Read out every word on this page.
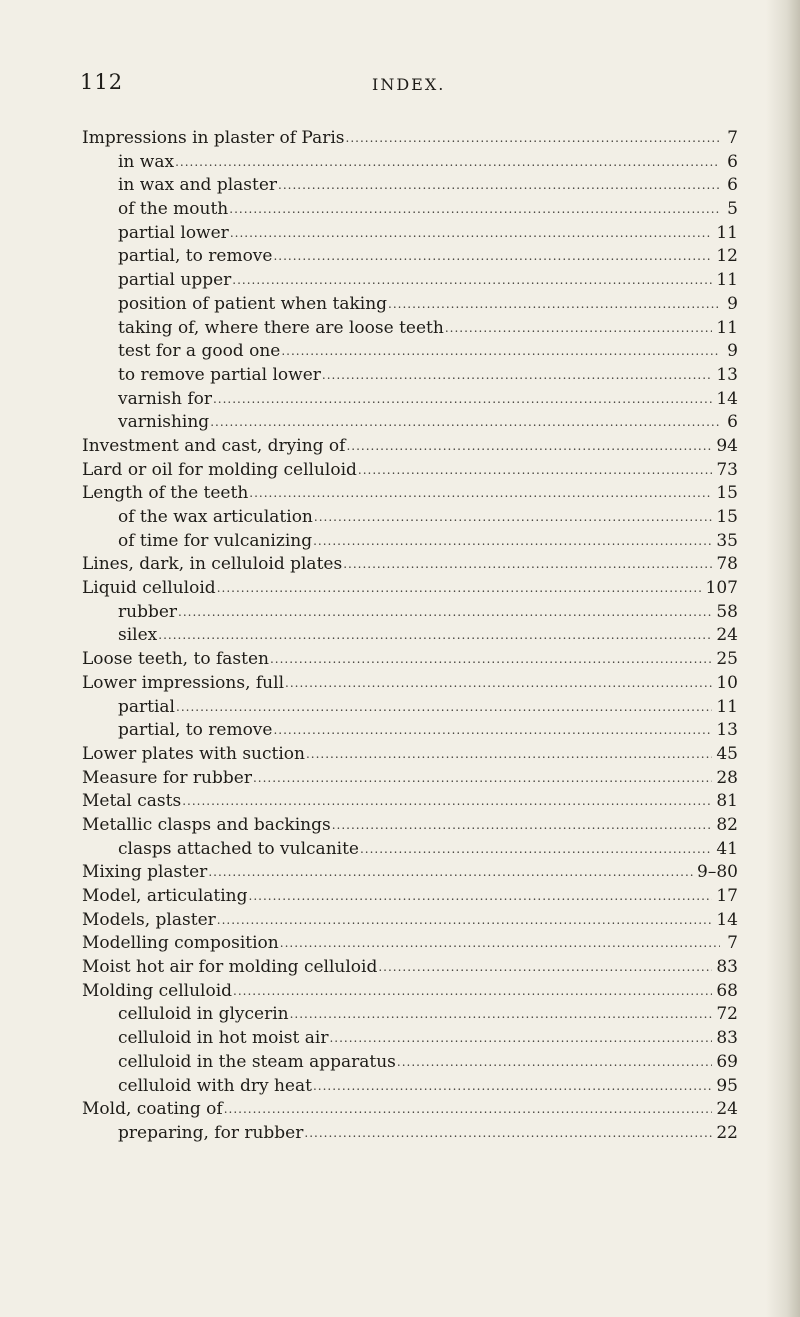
112	INDEX.
Impressions in plaster of Paris .....	7
in wax .....	6
in wax and plaster .....	6
of the mouth .....	5
partial lower .....	11
partial, to remove .....	12
partial upper .....	11
position of patient when taking .....	9
taking of, where there are loose teeth .....	11
test for a good one .....	9
to remove partial lower .....	13
varnish for .....	14
varnishing .....	6
Investment and cast, drying of .....	94
Lard or oil for molding celluloid .....	73
Length of the teeth .....	15
of the wax articulation .....	15
of time for vulcanizing .....	35
Lines, dark, in celluloid plates .....	78
Liquid celluloid .....	107
rubber .....	58
silex .....	24
Loose teeth, to fasten .....	25
Lower impressions, full .....	10
partial .....	11
partial, to remove .....	13
Lower plates with suction .....	45
Measure for rubber .....	28
Metal casts .....	81
Metallic clasps and backings .....	82
clasps attached to vulcanite .....	41
Mixing plaster .....	9–80
Model, articulating .....	17
Models, plaster .....	14
Modelling composition .....	7
Moist hot air for molding celluloid .....	83
Molding celluloid .....	68
celluloid in glycerin .....	72
celluloid in hot moist air .....	83
celluloid in the steam apparatus .....	69
celluloid with dry heat .....	95
Mold, coating of .....	24
preparing, for rubber .....	22
